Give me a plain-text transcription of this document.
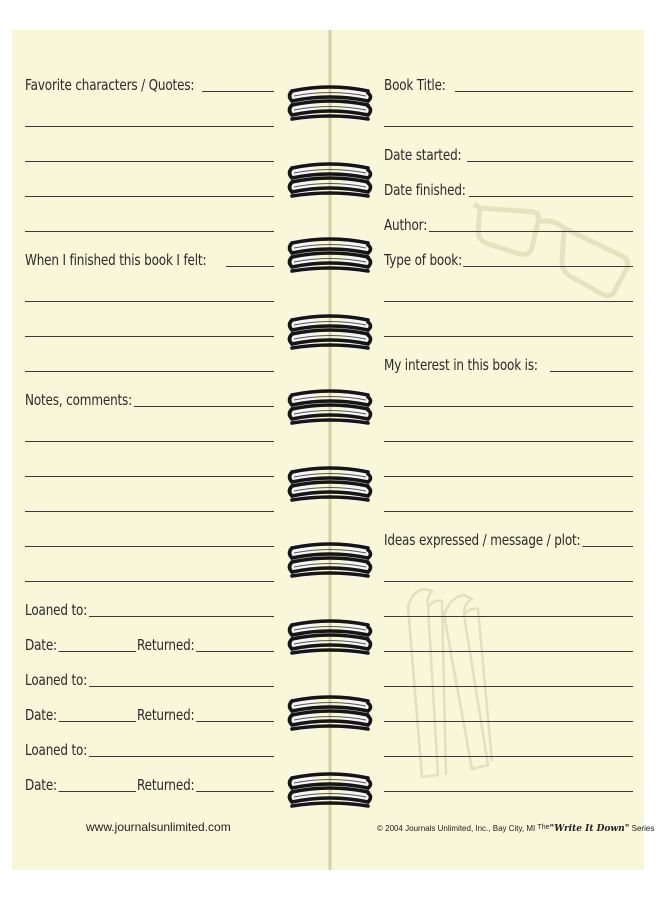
Favorite characters / Quotes:
When I finished this book I felt:
Notes, comments:
Loaned to:
Date:	Returned:
Loaned to:
Date:	Returned:
Loaned to:
Date:	Returned:
www.journalsunlimited.com
Book Title:
Date started:
Date finished:
Author:
Type of book:
My interest in this book is:
Ideas expressed / message / plot:
© 2004 Journals Unlimited, Inc., Bay City, MI The"Write It Down" Series
